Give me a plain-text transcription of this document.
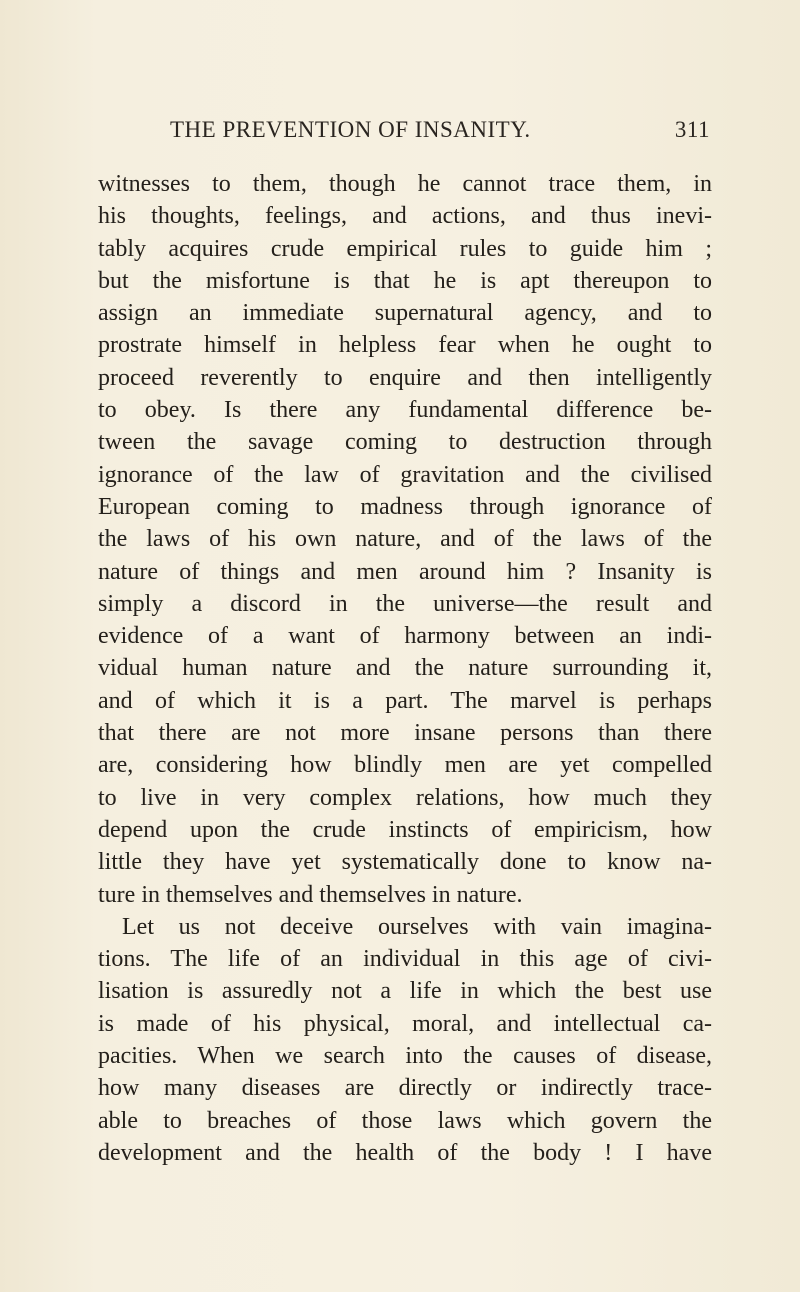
THE PREVENTION OF INSANITY.	311
witnesses to them, though he cannot trace them, in
his thoughts, feelings, and actions, and thus inevi-
tably acquires crude empirical rules to guide him ;
but the misfortune is that he is apt thereupon to
assign an immediate supernatural agency, and to
prostrate himself in helpless fear when he ought to
proceed reverently to enquire and then intelligently
to obey. Is there any fundamental difference be-
tween the savage coming to destruction through
ignorance of the law of gravitation and the civilised
European coming to madness through ignorance of
the laws of his own nature, and of the laws of the
nature of things and men around him ? Insanity is
simply a discord in the universe—the result and
evidence of a want of harmony between an indi-
vidual human nature and the nature surrounding it,
and of which it is a part. The marvel is perhaps
that there are not more insane persons than there
are, considering how blindly men are yet compelled
to live in very complex relations, how much they
depend upon the crude instincts of empiricism, how
little they have yet systematically done to know na-
ture in themselves and themselves in nature.
Let us not deceive ourselves with vain imagina-
tions. The life of an individual in this age of civi-
lisation is assuredly not a life in which the best use
is made of his physical, moral, and intellectual ca-
pacities. When we search into the causes of disease,
how many diseases are directly or indirectly trace-
able to breaches of those laws which govern the
development and the health of the body ! I have
